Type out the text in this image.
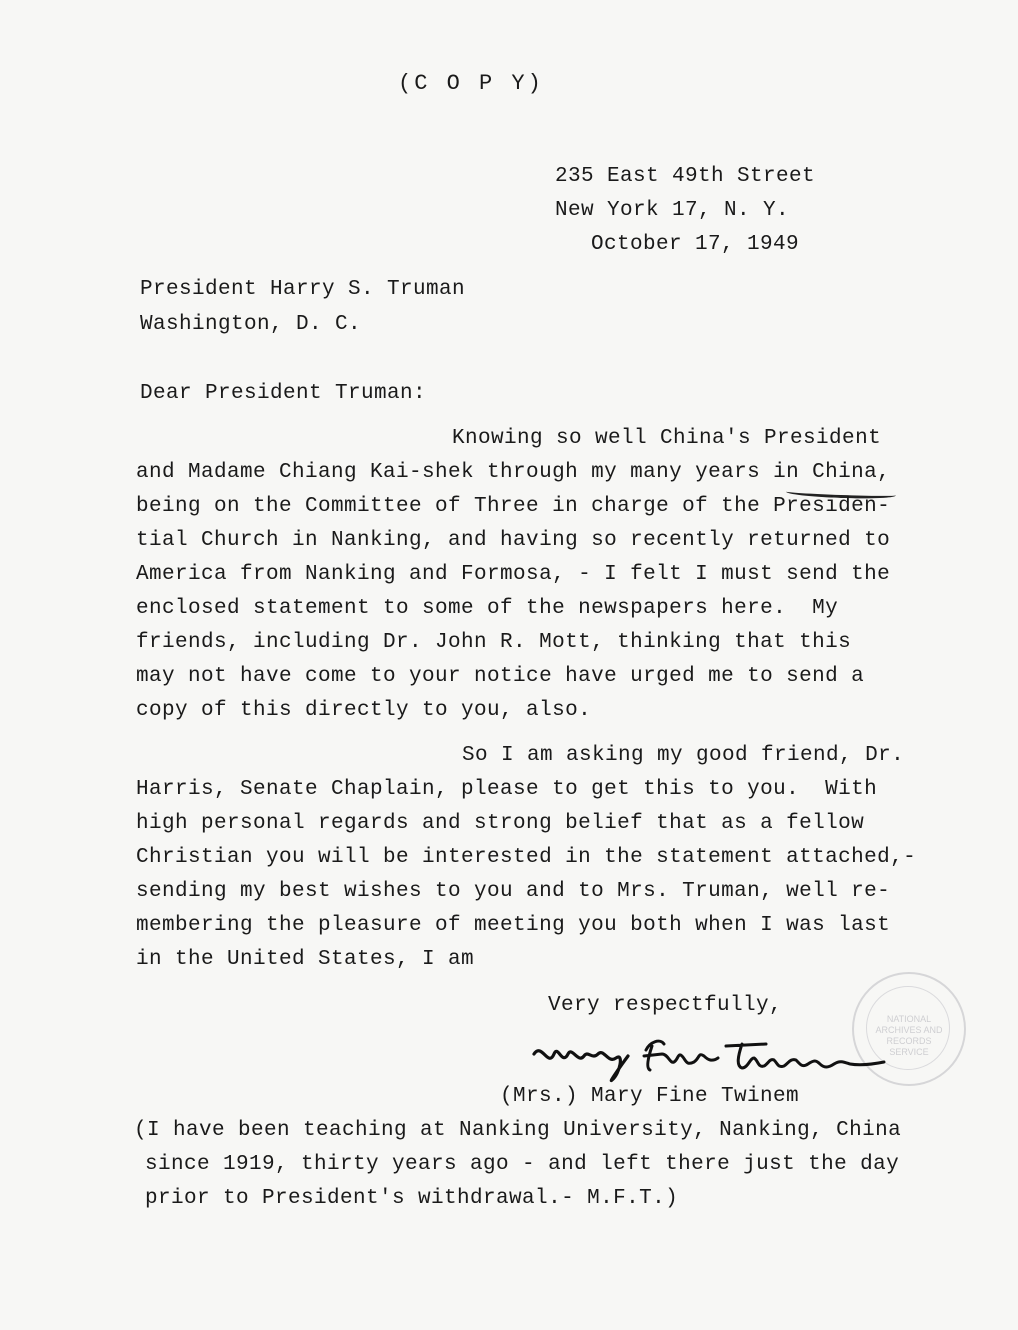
(C O P Y)
235 East 49th Street
New York 17, N. Y.
October 17, 1949
President Harry S. Truman
Washington, D. C.
Dear President Truman:
Knowing so well China's President
and Madame Chiang Kai-shek through my many years in China,
being on the Committee of Three in charge of the Presiden-
tial Church in Nanking, and having so recently returned to
America from Nanking and Formosa, - I felt I must send the
enclosed statement to some of the newspapers here.  My
friends, including Dr. John R. Mott, thinking that this
may not have come to your notice have urged me to send a
copy of this directly to you, also.
So I am asking my good friend, Dr.
Harris, Senate Chaplain, please to get this to you.  With
high personal regards and strong belief that as a fellow
Christian you will be interested in the statement attached,-
sending my best wishes to you and to Mrs. Truman, well re-
membering the pleasure of meeting you both when I was last
in the United States, I am
NATIONAL ARCHIVES AND RECORDS SERVICE
Very respectfully,
(Mrs.) Mary Fine Twinem
(I have been teaching at Nanking University, Nanking, China
since 1919, thirty years ago - and left there just the day
prior to President's withdrawal.- M.F.T.)
